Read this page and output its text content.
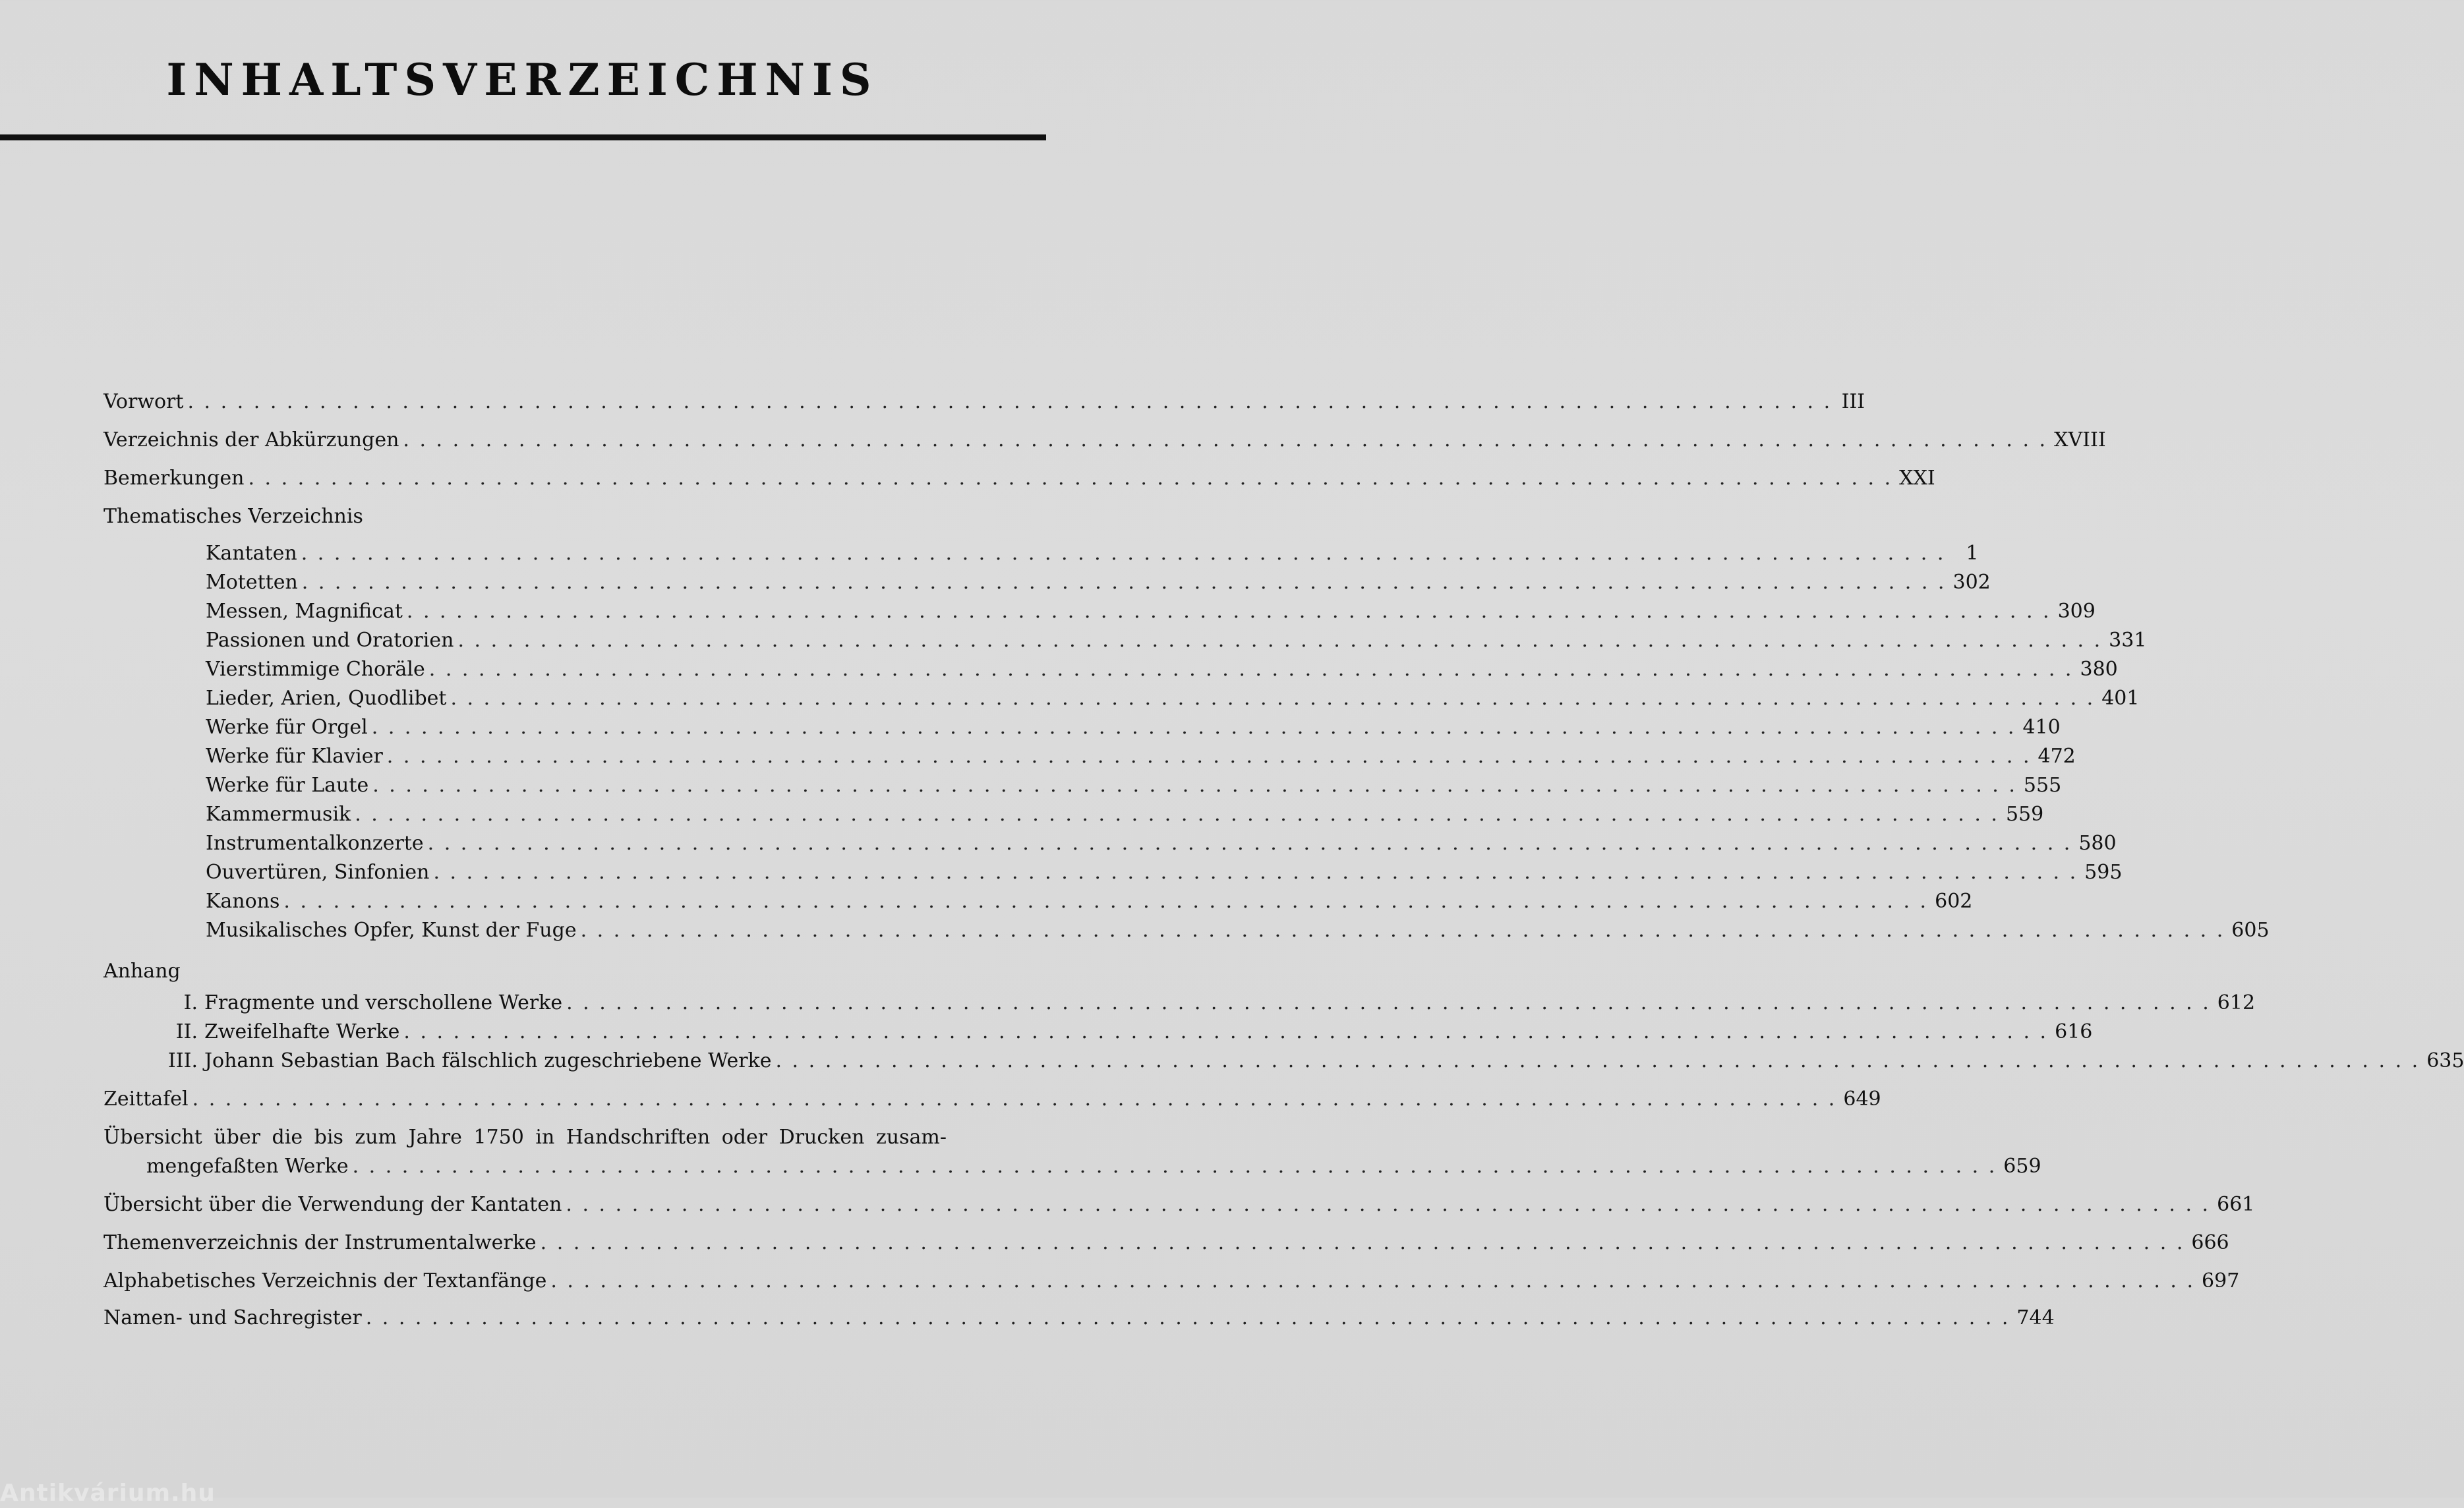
INHALTSVERZEICHNIS
Vorwort . . . . . . . . . . . . . . . . . . . . . . . . . . . . . . . . . . . . . . . . . . . . . . . . . . . . . . . . . . . . . . . . . . . . . . . . . . . . . . . . . . . . . . . . . . . . . . . . . . . . III
Verzeichnis der Abkürzungen . . . . . . . . . . . . . . . . . . . . . . . . . . . . . . . . . . . . . . . . . . . . . . . . . . . . . . . . . . . . . . . . . . . . . . . . . . . . . . . . . . . . . . . . . . . . . . . . . . . . XVIII
Bemerkungen . . . . . . . . . . . . . . . . . . . . . . . . . . . . . . . . . . . . . . . . . . . . . . . . . . . . . . . . . . . . . . . . . . . . . . . . . . . . . . . . . . . . . . . . . . . . . . . . . . . . XXI
Thematisches Verzeichnis
Kantaten . . . . . . . . . . . . . . . . . . . . . . . . . . . . . . . . . . . . . . . . . . . . . . . . . . . . . . . . . . . . . . . . . . . . . . . . . . . . . . . . . . . . . . . . . . . . . . . . . . . .	1
Motetten . . . . . . . . . . . . . . . . . . . . . . . . . . . . . . . . . . . . . . . . . . . . . . . . . . . . . . . . . . . . . . . . . . . . . . . . . . . . . . . . . . . . . . . . . . . . . . . . . . . . 302
Messen, Magnificat . . . . . . . . . . . . . . . . . . . . . . . . . . . . . . . . . . . . . . . . . . . . . . . . . . . . . . . . . . . . . . . . . . . . . . . . . . . . . . . . . . . . . . . . . . . . . . . . . . . . 309
Passionen und Oratorien . . . . . . . . . . . . . . . . . . . . . . . . . . . . . . . . . . . . . . . . . . . . . . . . . . . . . . . . . . . . . . . . . . . . . . . . . . . . . . . . . . . . . . . . . . . . . . . . . . . . 331
Vierstimmige Choräle . . . . . . . . . . . . . . . . . . . . . . . . . . . . . . . . . . . . . . . . . . . . . . . . . . . . . . . . . . . . . . . . . . . . . . . . . . . . . . . . . . . . . . . . . . . . . . . . . . . . 380
Lieder, Arien, Quodlibet . . . . . . . . . . . . . . . . . . . . . . . . . . . . . . . . . . . . . . . . . . . . . . . . . . . . . . . . . . . . . . . . . . . . . . . . . . . . . . . . . . . . . . . . . . . . . . . . . . . . 401
Werke für Orgel . . . . . . . . . . . . . . . . . . . . . . . . . . . . . . . . . . . . . . . . . . . . . . . . . . . . . . . . . . . . . . . . . . . . . . . . . . . . . . . . . . . . . . . . . . . . . . . . . . . . 410
Werke für Klavier . . . . . . . . . . . . . . . . . . . . . . . . . . . . . . . . . . . . . . . . . . . . . . . . . . . . . . . . . . . . . . . . . . . . . . . . . . . . . . . . . . . . . . . . . . . . . . . . . . . . 472
Werke für Laute . . . . . . . . . . . . . . . . . . . . . . . . . . . . . . . . . . . . . . . . . . . . . . . . . . . . . . . . . . . . . . . . . . . . . . . . . . . . . . . . . . . . . . . . . . . . . . . . . . . . 555
Kammermusik . . . . . . . . . . . . . . . . . . . . . . . . . . . . . . . . . . . . . . . . . . . . . . . . . . . . . . . . . . . . . . . . . . . . . . . . . . . . . . . . . . . . . . . . . . . . . . . . . . . . 559
Instrumentalkonzerte . . . . . . . . . . . . . . . . . . . . . . . . . . . . . . . . . . . . . . . . . . . . . . . . . . . . . . . . . . . . . . . . . . . . . . . . . . . . . . . . . . . . . . . . . . . . . . . . . . . . 580
Ouvertüren, Sinfonien . . . . . . . . . . . . . . . . . . . . . . . . . . . . . . . . . . . . . . . . . . . . . . . . . . . . . . . . . . . . . . . . . . . . . . . . . . . . . . . . . . . . . . . . . . . . . . . . . . . . 595
Kanons . . . . . . . . . . . . . . . . . . . . . . . . . . . . . . . . . . . . . . . . . . . . . . . . . . . . . . . . . . . . . . . . . . . . . . . . . . . . . . . . . . . . . . . . . . . . . . . . . . . . 602
Musikalisches Opfer, Kunst der Fuge . . . . . . . . . . . . . . . . . . . . . . . . . . . . . . . . . . . . . . . . . . . . . . . . . . . . . . . . . . . . . . . . . . . . . . . . . . . . . . . . . . . . . . . . . . . . . . . . . . . . 605
Anhang
I. Fragmente und verschollene Werke . . . . . . . . . . . . . . . . . . . . . . . . . . . . . . . . . . . . . . . . . . . . . . . . . . . . . . . . . . . . . . . . . . . . . . . . . . . . . . . . . . . . . . . . . . . . . . . . . . . . 612
II. Zweifelhafte Werke . . . . . . . . . . . . . . . . . . . . . . . . . . . . . . . . . . . . . . . . . . . . . . . . . . . . . . . . . . . . . . . . . . . . . . . . . . . . . . . . . . . . . . . . . . . . . . . . . . . . 616
III. Johann Sebastian Bach fälschlich zugeschriebene Werke . . . . . . . . . . . . . . . . . . . . . . . . . . . . . . . . . . . . . . . . . . . . . . . . . . . . . . . . . . . . . . . . . . . . . . . . . . . . . . . . . . . . . . . . . . . . . . . . . . . . 635
Zeittafel . . . . . . . . . . . . . . . . . . . . . . . . . . . . . . . . . . . . . . . . . . . . . . . . . . . . . . . . . . . . . . . . . . . . . . . . . . . . . . . . . . . . . . . . . . . . . . . . . . . . 649
Übersicht über die bis zum Jahre 1750 in Handschriften oder Drucken zusam-
mengefaßten Werke . . . . . . . . . . . . . . . . . . . . . . . . . . . . . . . . . . . . . . . . . . . . . . . . . . . . . . . . . . . . . . . . . . . . . . . . . . . . . . . . . . . . . . . . . . . . . . . . . . . . 659
Übersicht über die Verwendung der Kantaten . . . . . . . . . . . . . . . . . . . . . . . . . . . . . . . . . . . . . . . . . . . . . . . . . . . . . . . . . . . . . . . . . . . . . . . . . . . . . . . . . . . . . . . . . . . . . . . . . . . . 661
Themenverzeichnis der Instrumentalwerke . . . . . . . . . . . . . . . . . . . . . . . . . . . . . . . . . . . . . . . . . . . . . . . . . . . . . . . . . . . . . . . . . . . . . . . . . . . . . . . . . . . . . . . . . . . . . . . . . . . . 666
Alphabetisches Verzeichnis der Textanfänge . . . . . . . . . . . . . . . . . . . . . . . . . . . . . . . . . . . . . . . . . . . . . . . . . . . . . . . . . . . . . . . . . . . . . . . . . . . . . . . . . . . . . . . . . . . . . . . . . . . . 697
Namen- und Sachregister . . . . . . . . . . . . . . . . . . . . . . . . . . . . . . . . . . . . . . . . . . . . . . . . . . . . . . . . . . . . . . . . . . . . . . . . . . . . . . . . . . . . . . . . . . . . . . . . . . . . 744
Antikvárium.hu
